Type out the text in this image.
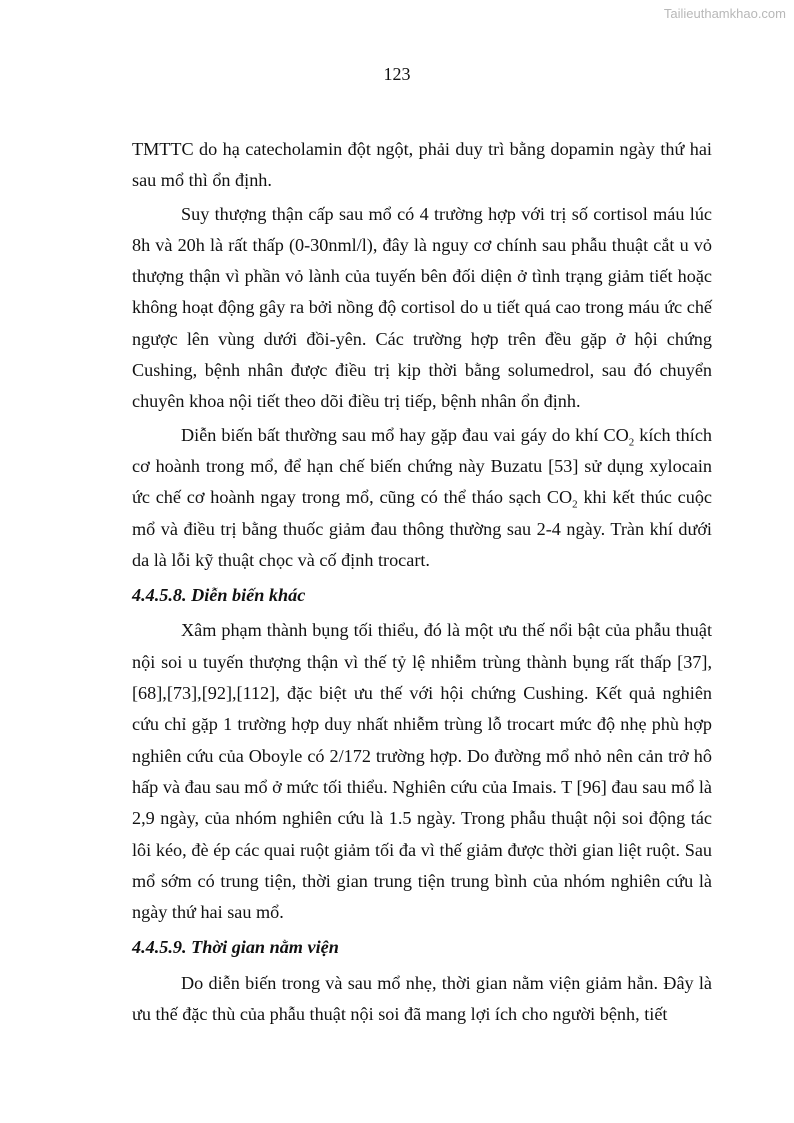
Tailieuthamkhao.com
123

TMTTC do hạ catecholamin đột ngột, phải duy trì bằng dopamin ngày thứ hai sau mổ thì ổn định.

Suy thượng thận cấp sau mổ có 4 trường hợp với trị số cortisol máu lúc 8h và 20h là rất thấp (0-30nml/l), đây là nguy cơ chính sau phẫu thuật cắt u vỏ thượng thận vì phần vỏ lành của tuyến bên đối diện ở tình trạng giảm tiết hoặc không hoạt động gây ra bởi nồng độ cortisol do u tiết quá cao trong máu ức chế ngược lên vùng dưới đồi-yên. Các trường hợp trên đều gặp ở hội chứng Cushing, bệnh nhân được điều trị kịp thời bằng solumedrol, sau đó chuyển chuyên khoa nội tiết theo dõi điều trị tiếp, bệnh nhân ổn định.

Diễn biến bất thường sau mổ hay gặp đau vai gáy do khí $CO_2$ kích thích cơ hoành trong mổ, để hạn chế biến chứng này Buzatu [53] sử dụng xylocain ức chế cơ hoành ngay trong mổ, cũng có thể tháo sạch $CO_2$ khi kết thúc cuộc mổ và điều trị bằng thuốc giảm đau thông thường sau 2-4 ngày. Tràn khí dưới da là lỗi kỹ thuật chọc và cố định trocart.

4.4.5.8. Diễn biến khác

Xâm phạm thành bụng tối thiểu, đó là một ưu thế nổi bật của phẫu thuật nội soi u tuyến thượng thận vì thế tỷ lệ nhiễm trùng thành bụng rất thấp [37],[68],[73],[92],[112], đặc biệt ưu thế với hội chứng Cushing. Kết quả nghiên cứu chỉ gặp 1 trường hợp duy nhất nhiễm trùng lỗ trocart mức độ nhẹ phù hợp nghiên cứu của Oboyle có 2/172 trường hợp. Do đường mổ nhỏ nên cản trở hô hấp và đau sau mổ ở mức tối thiểu. Nghiên cứu của Imais. T [96] đau sau mổ là 2,9 ngày, của nhóm nghiên cứu là 1.5 ngày. Trong phẫu thuật nội soi động tác lôi kéo, đè ép các quai ruột giảm tối đa vì thế giảm được thời gian liệt ruột. Sau mổ sớm có trung tiện, thời gian trung tiện trung bình của nhóm nghiên cứu là ngày thứ hai sau mổ.

4.4.5.9. Thời gian nằm viện

Do diễn biến trong và sau mổ nhẹ, thời gian nằm viện giảm hẳn. Đây là ưu thế đặc thù của phẫu thuật nội soi đã mang lợi ích cho người bệnh, tiết
